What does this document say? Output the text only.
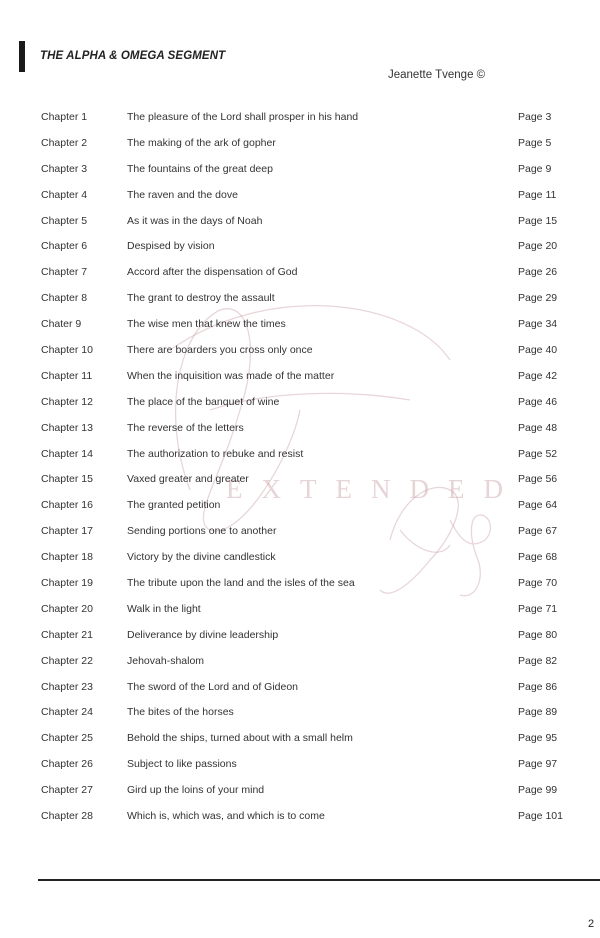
THE ALPHA & OMEGA SEGMENT
Jeanette Tvenge ©
EXTENDED
Chapter 1	The pleasure of the Lord shall prosper in his hand	Page 3
Chapter 2	The making of the ark of gopher	Page 5
Chapter 3	The fountains of the great deep	Page 9
Chapter 4	The raven and the dove	Page 11
Chapter 5	As it was in the days of Noah	Page 15
Chapter 6	Despised by vision	Page 20
Chapter 7	Accord after the dispensation of God	Page 26
Chapter 8	The grant to destroy the assault	Page 29
Chater 9	The wise men that knew the times	Page 34
Chapter 10	There are boarders you cross only once	Page 40
Chapter 11	When the inquisition was made of the matter	Page 42
Chapter 12	The place of the banquet of wine	Page 46
Chapter 13	The reverse of the letters	Page 48
Chapter 14	The authorization to rebuke and resist	Page 52
Chapter 15	Vaxed greater and greater	Page 56
Chapter 16	The granted petition	Page 64
Chapter 17	Sending portions one to another	Page 67
Chapter 18	Victory by the divine candlestick	Page 68
Chapter 19	The tribute upon the land and the isles of the sea	Page 70
Chapter 20	Walk in the light	Page 71
Chapter 21	Deliverance by divine leadership	Page 80
Chapter 22	Jehovah-shalom	Page 82
Chapter 23	The sword of the Lord and of Gideon	Page 86
Chapter 24	The bites of the horses	Page 89
Chapter 25	Behold the ships, turned about with a small helm	Page 95
Chapter 26	Subject to like passions	Page 97
Chapter 27	Gird up the loins of your mind	Page 99
Chapter 28	Which is, which was, and which is to come	Page 101
2
